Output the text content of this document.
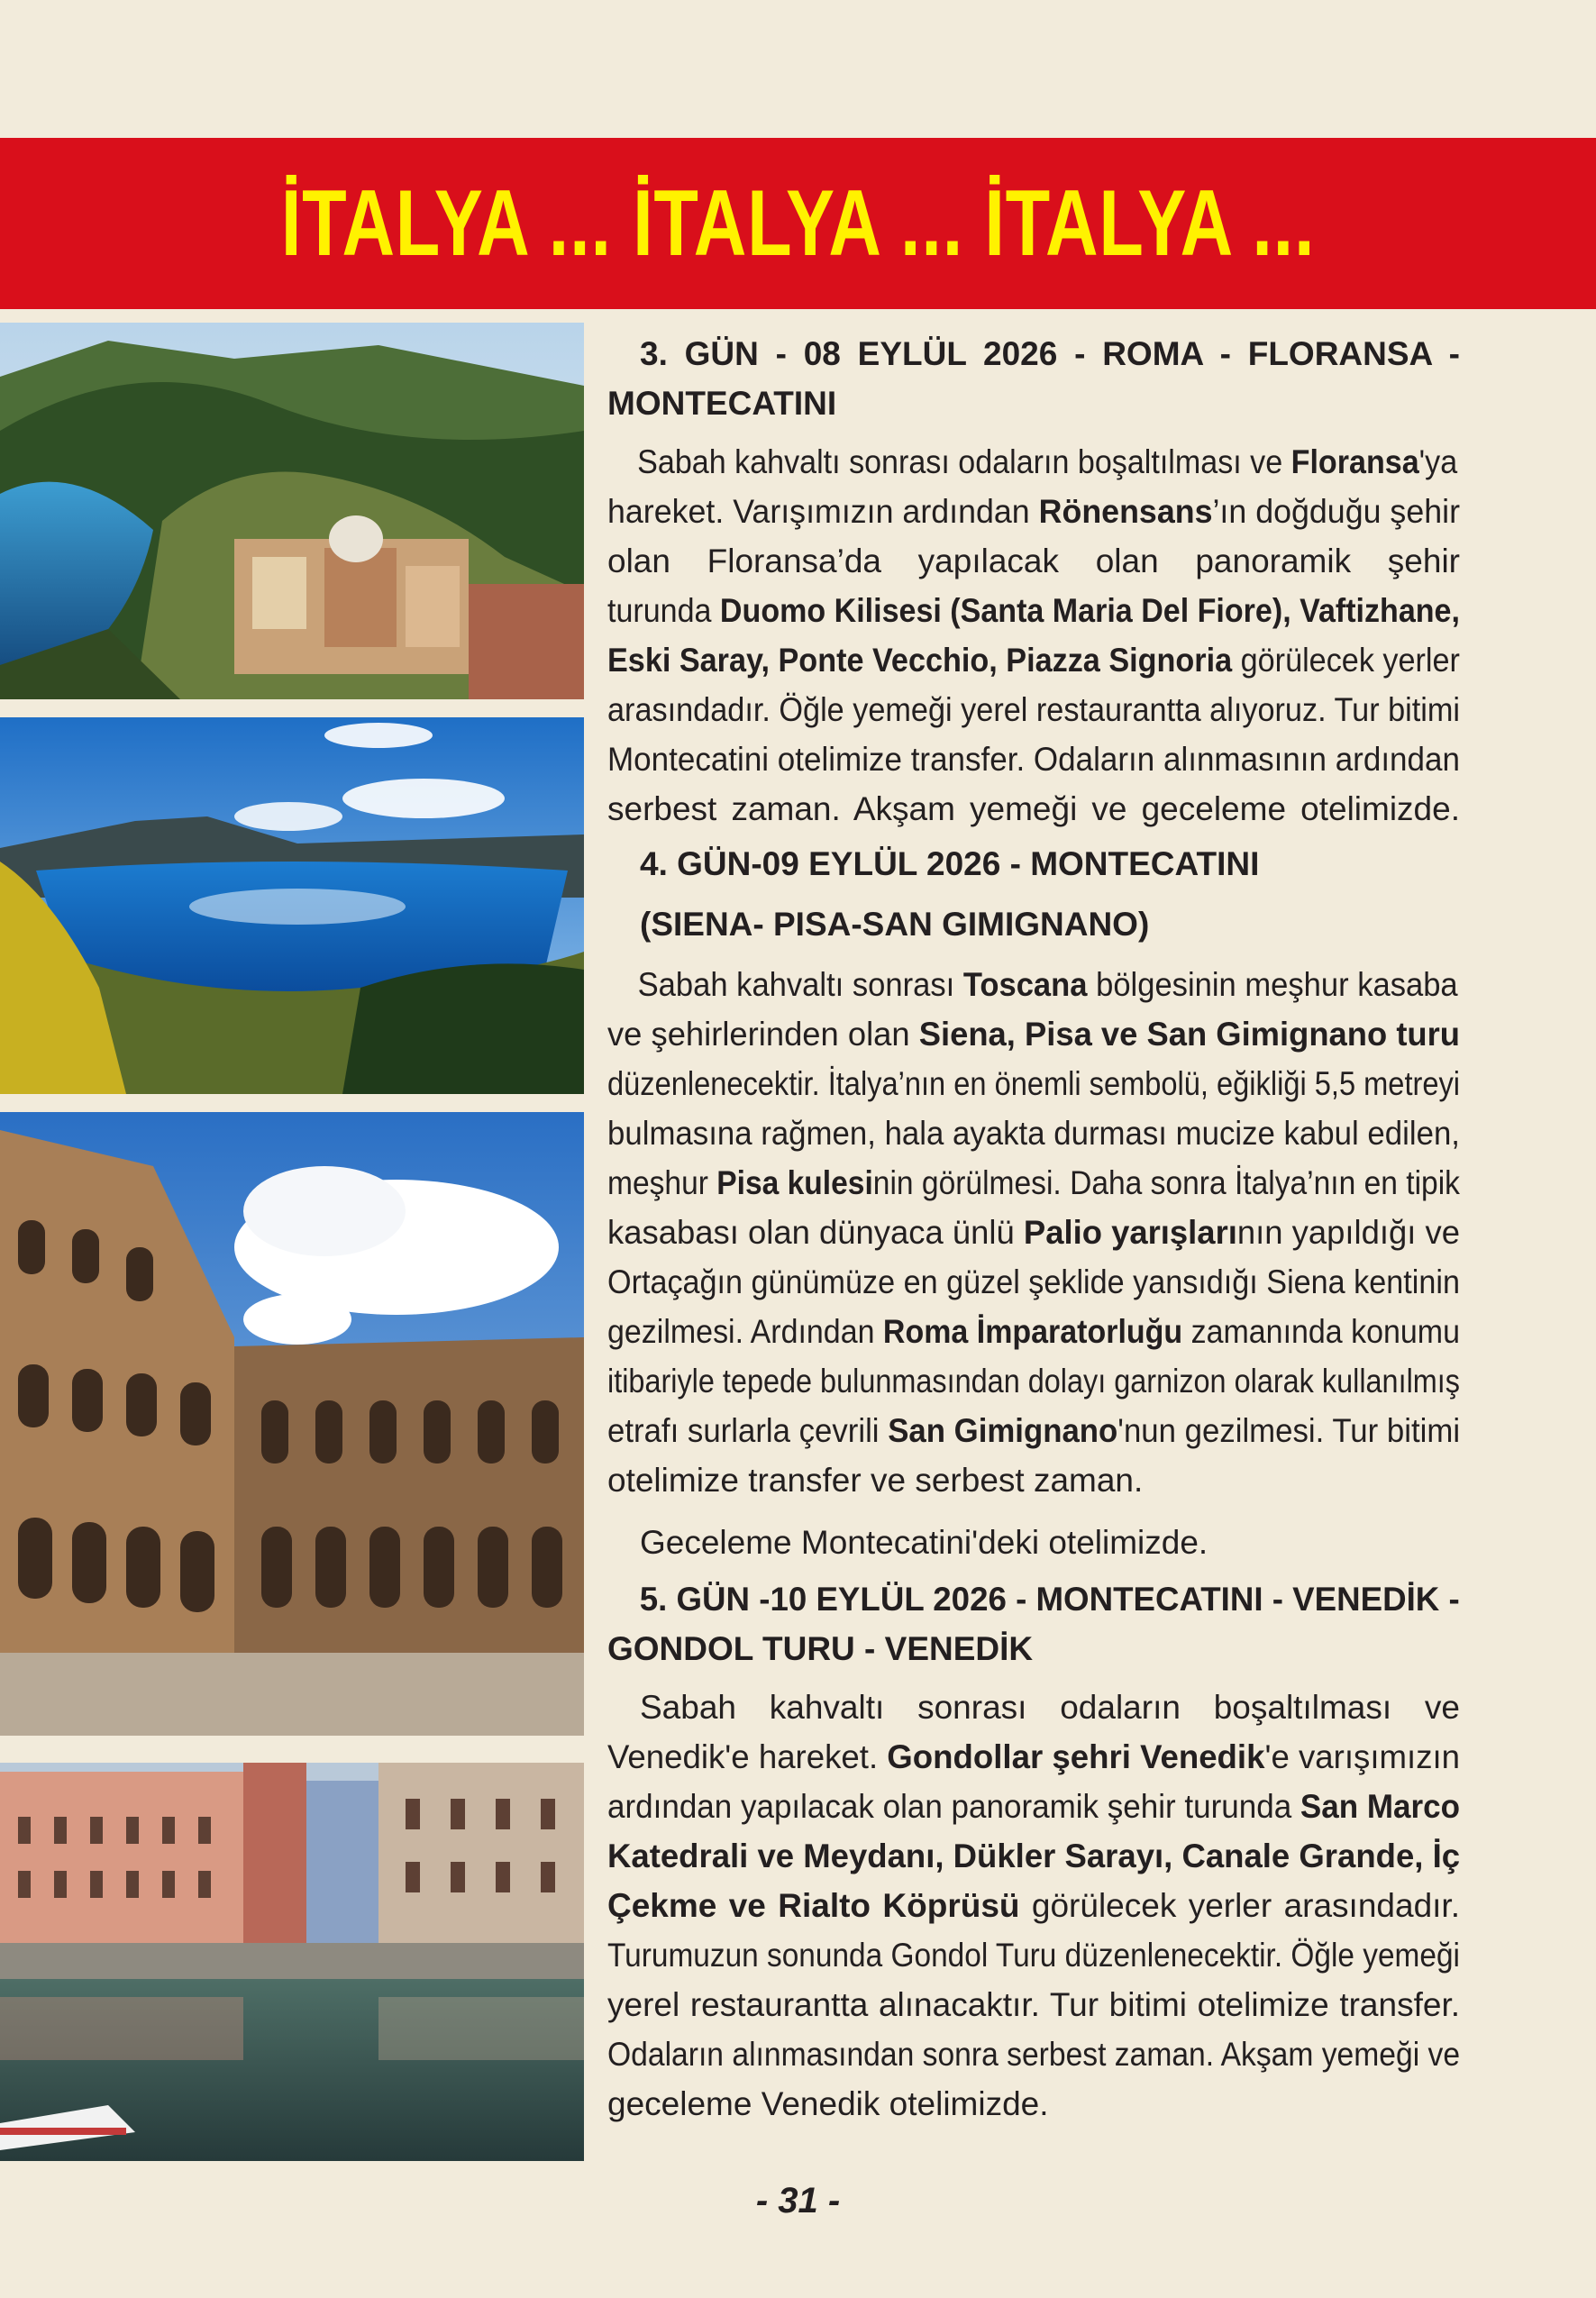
İTALYA ... İTALYA ... İTALYA ...
3. GÜN - 08 EYLÜL 2026 - ROMA - FLORANSA -
MONTECATINI
Sabah kahvaltı sonrası odaların boşaltılması ve Floransa'ya
hareket. Varışımızın ardından Rönensans’ın doğduğu şehir
olan Floransa’da yapılacak olan panoramik şehir
turunda Duomo Kilisesi (Santa Maria Del Fiore), Vaftizhane,
Eski Saray, Ponte Vecchio, Piazza Signoria görülecek yerler
arasındadır. Öğle yemeği yerel restaurantta alıyoruz. Tur bitimi
Montecatini otelimize transfer. Odaların alınmasının ardından
serbest zaman. Akşam yemeği ve geceleme otelimizde.
4. GÜN-09 EYLÜL 2026 - MONTECATINI
(SIENA- PISA-SAN GIMIGNANO)
Sabah kahvaltı sonrası Toscana bölgesinin meşhur kasaba
ve şehirlerinden olan Siena, Pisa ve San Gimignano turu
düzenlenecektir. İtalya’nın en önemli sembolü, eğikliği 5,5 metreyi
bulmasına rağmen, hala ayakta durması mucize kabul edilen,
meşhur Pisa kulesinin görülmesi. Daha sonra İtalya’nın en tipik
kasabası olan dünyaca ünlü Palio yarışlarının yapıldığı ve
Ortaçağın günümüze en güzel şeklide yansıdığı Siena kentinin
gezilmesi. Ardından Roma İmparatorluğu zamanında konumu
itibariyle tepede bulunmasından dolayı garnizon olarak kullanılmış
etrafı surlarla çevrili San Gimignano'nun gezilmesi. Tur bitimi
otelimize transfer ve serbest zaman.
Geceleme Montecatini'deki otelimizde.
5. GÜN -10 EYLÜL 2026 - MONTECATINI - VENEDİK -
GONDOL TURU - VENEDİK
Sabah kahvaltı sonrası odaların boşaltılması ve
Venedik'e hareket. Gondollar şehri Venedik'e varışımızın
ardından yapılacak olan panoramik şehir turunda San Marco
Katedrali ve Meydanı, Dükler Sarayı, Canale Grande, İç
Çekme ve Rialto Köprüsü görülecek yerler arasındadır.
Turumuzun sonunda Gondol Turu düzenlenecektir. Öğle yemeği
yerel restaurantta alınacaktır. Tur bitimi otelimize transfer.
Odaların alınmasından sonra serbest zaman. Akşam yemeği ve
geceleme Venedik otelimizde.
- 31 -
